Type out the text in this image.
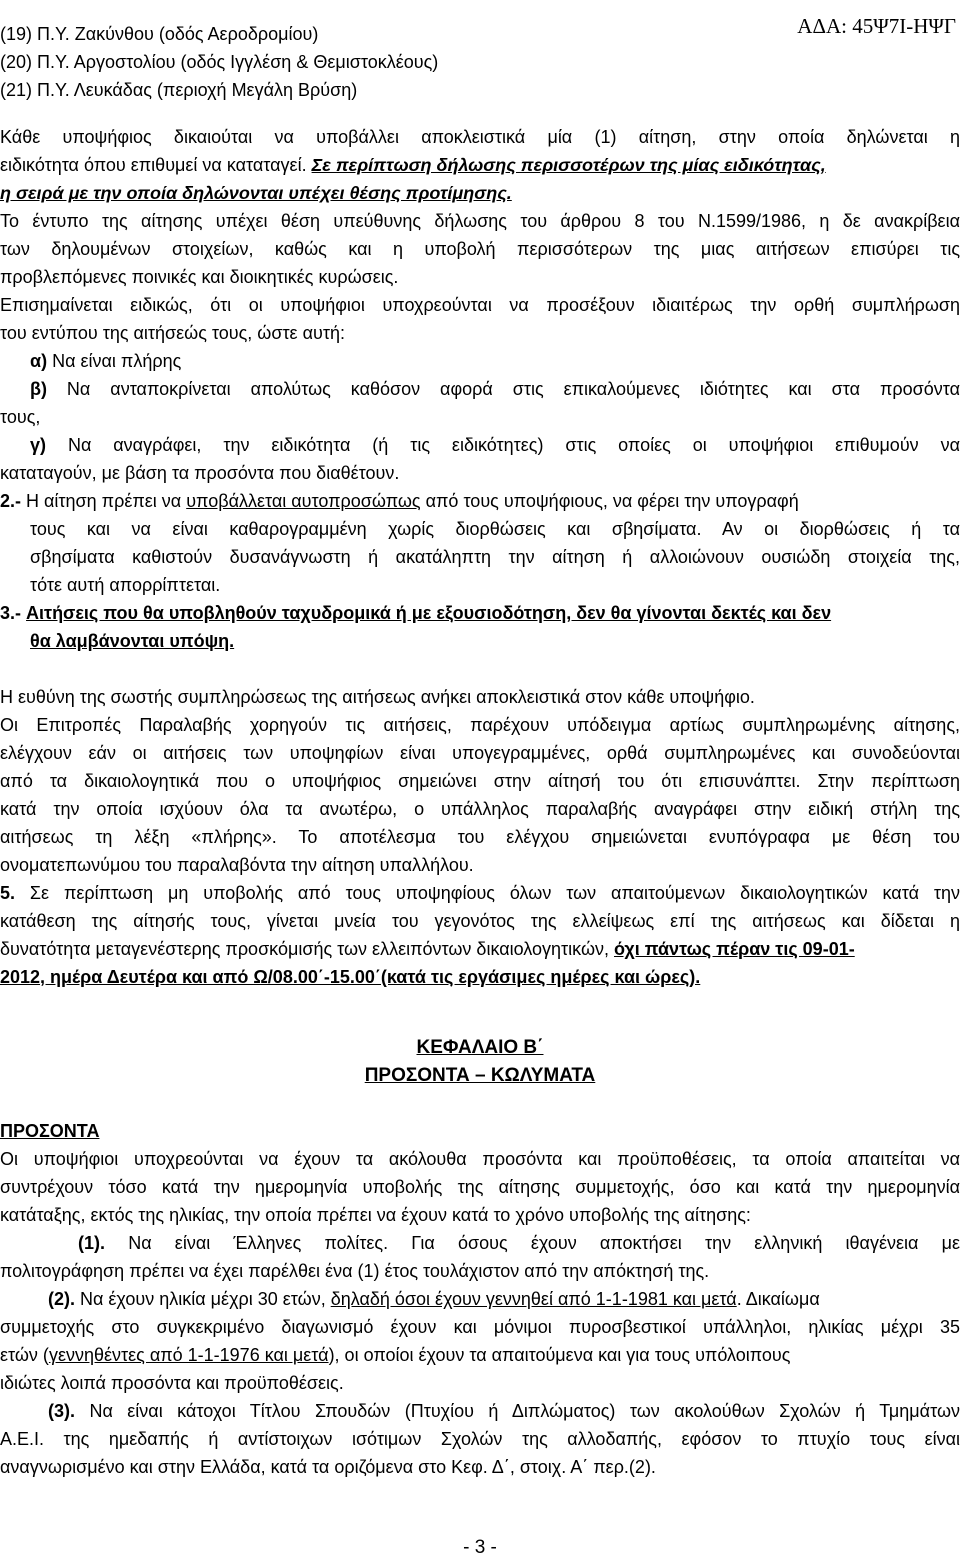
ΑΔΑ: 45Ψ7Ι-ΗΨΓ
(19) Π.Υ. Ζακύνθου (οδός Αεροδρομίου)
(20) Π.Υ. Αργοστολίου (οδός Ιγγλέση & Θεμιστοκλέους)
(21) Π.Υ. Λευκάδας (περιοχή Μεγάλη Βρύση)
Κάθε υποψήφιος δικαιούται να υποβάλλει αποκλειστικά μία (1) αίτηση, στην οποία δηλώνεται η
ειδικότητα όπου επιθυμεί να καταταγεί. Σε περίπτωση δήλωσης περισσοτέρων της μίας ειδικότητας,
η σειρά με την οποία δηλώνονται υπέχει θέσης προτίμησης.
Το έντυπο της αίτησης υπέχει θέση υπεύθυνης δήλωσης του άρθρου 8 του Ν.1599/1986, η δε ανακρίβεια
των δηλουμένων στοιχείων, καθώς και η υποβολή περισσότερων της μιας αιτήσεων επισύρει τις
προβλεπόμενες ποινικές και διοικητικές κυρώσεις.
Επισημαίνεται ειδικώς, ότι οι υποψήφιοι υποχρεούνται να προσέξουν ιδιαιτέρως την ορθή συμπλήρωση
του εντύπου της αιτήσεώς τους, ώστε αυτή:
α) Να είναι πλήρης
β) Να ανταποκρίνεται απολύτως καθόσον αφορά στις επικαλούμενες ιδιότητες και στα προσόντα
τους,
γ) Να αναγράφει, την ειδικότητα (ή τις ειδικότητες) στις οποίες οι υποψήφιοι επιθυμούν να
καταταγούν, με βάση τα προσόντα που διαθέτουν.
2.- Η αίτηση πρέπει να υποβάλλεται αυτοπροσώπως από τους υποψήφιους, να φέρει την υπογραφή
τους και να είναι καθαρογραμμένη χωρίς διορθώσεις και σβησίματα. Αν οι διορθώσεις ή τα
σβησίματα καθιστούν δυσανάγνωστη ή ακατάληπτη την αίτηση ή αλλοιώνουν ουσιώδη στοιχεία της,
τότε αυτή απορρίπτεται.
3.- Αιτήσεις που θα υποβληθούν ταχυδρομικά ή με εξουσιοδότηση, δεν θα γίνονται δεκτές και δεν
θα λαμβάνονται υπόψη.
Η ευθύνη της σωστής συμπληρώσεως της αιτήσεως ανήκει αποκλειστικά στον κάθε υποψήφιο.
Οι Επιτροπές Παραλαβής χορηγούν τις αιτήσεις, παρέχουν υπόδειγμα αρτίως συμπληρωμένης αίτησης,
ελέγχουν εάν οι αιτήσεις των υποψηφίων είναι υπογεγραμμένες, ορθά συμπληρωμένες και συνοδεύονται
από τα δικαιολογητικά που ο υποψήφιος σημειώνει στην αίτησή του ότι επισυνάπτει. Στην περίπτωση
κατά την οποία ισχύουν όλα τα ανωτέρω, ο υπάλληλος παραλαβής αναγράφει στην ειδική στήλη της
αιτήσεως τη λέξη «πλήρης». Το αποτέλεσμα του ελέγχου σημειώνεται ενυπόγραφα με θέση του
ονοματεπωνύμου του παραλαβόντα την αίτηση υπαλλήλου.
5. Σε περίπτωση μη υποβολής από τους υποψηφίους όλων των απαιτούμενων δικαιολογητικών κατά την
κατάθεση της αίτησής τους, γίνεται μνεία του γεγονότος της ελλείψεως επί της αιτήσεως και δίδεται η
δυνατότητα μεταγενέστερης προσκόμισής των ελλειπόντων δικαιολογητικών, όχι πάντως πέραν τις 09-01-
2012, ημέρα Δευτέρα και από Ω/08.00΄-15.00΄(κατά τις εργάσιμες ημέρες και ώρες).
ΚΕΦΑΛΑΙΟ Β΄
ΠΡΟΣΟΝΤΑ – ΚΩΛΥΜΑΤΑ
ΠΡΟΣΟΝΤΑ
Οι υποψήφιοι υποχρεούνται να έχουν τα ακόλουθα προσόντα και προϋποθέσεις, τα οποία απαιτείται να
συντρέχουν τόσο κατά την ημερομηνία υποβολής της αίτησης συμμετοχής, όσο και κατά την ημερομηνία
κατάταξης, εκτός της ηλικίας, την οποία πρέπει να έχουν κατά το χρόνο υποβολής της αίτησης:
(1). Να είναι Έλληνες πολίτες. Για όσους έχουν αποκτήσει την ελληνική ιθαγένεια με
πολιτογράφηση πρέπει να έχει παρέλθει ένα (1) έτος τουλάχιστον από την απόκτησή της.
(2). Να έχουν ηλικία μέχρι 30 ετών, δηλαδή όσοι έχουν γεννηθεί από 1-1-1981 και μετά. Δικαίωμα
συμμετοχής στο συγκεκριμένο διαγωνισμό έχουν και μόνιμοι πυροσβεστικοί υπάλληλοι, ηλικίας μέχρι 35
ετών (γεννηθέντες από 1-1-1976 και μετά), οι οποίοι έχουν τα απαιτούμενα και για τους υπόλοιπους
ιδιώτες λοιπά προσόντα και προϋποθέσεις.
(3). Να είναι κάτοχοι Τίτλου Σπουδών (Πτυχίου ή Διπλώματος) των ακολούθων Σχολών ή Τμημάτων
Α.Ε.Ι. της ημεδαπής ή αντίστοιχων ισότιμων Σχολών της αλλοδαπής, εφόσον το πτυχίο τους είναι
αναγνωρισμένο και στην Ελλάδα, κατά τα οριζόμενα στο Κεφ. Δ΄, στοιχ. Α΄ περ.(2).
- 3 -
